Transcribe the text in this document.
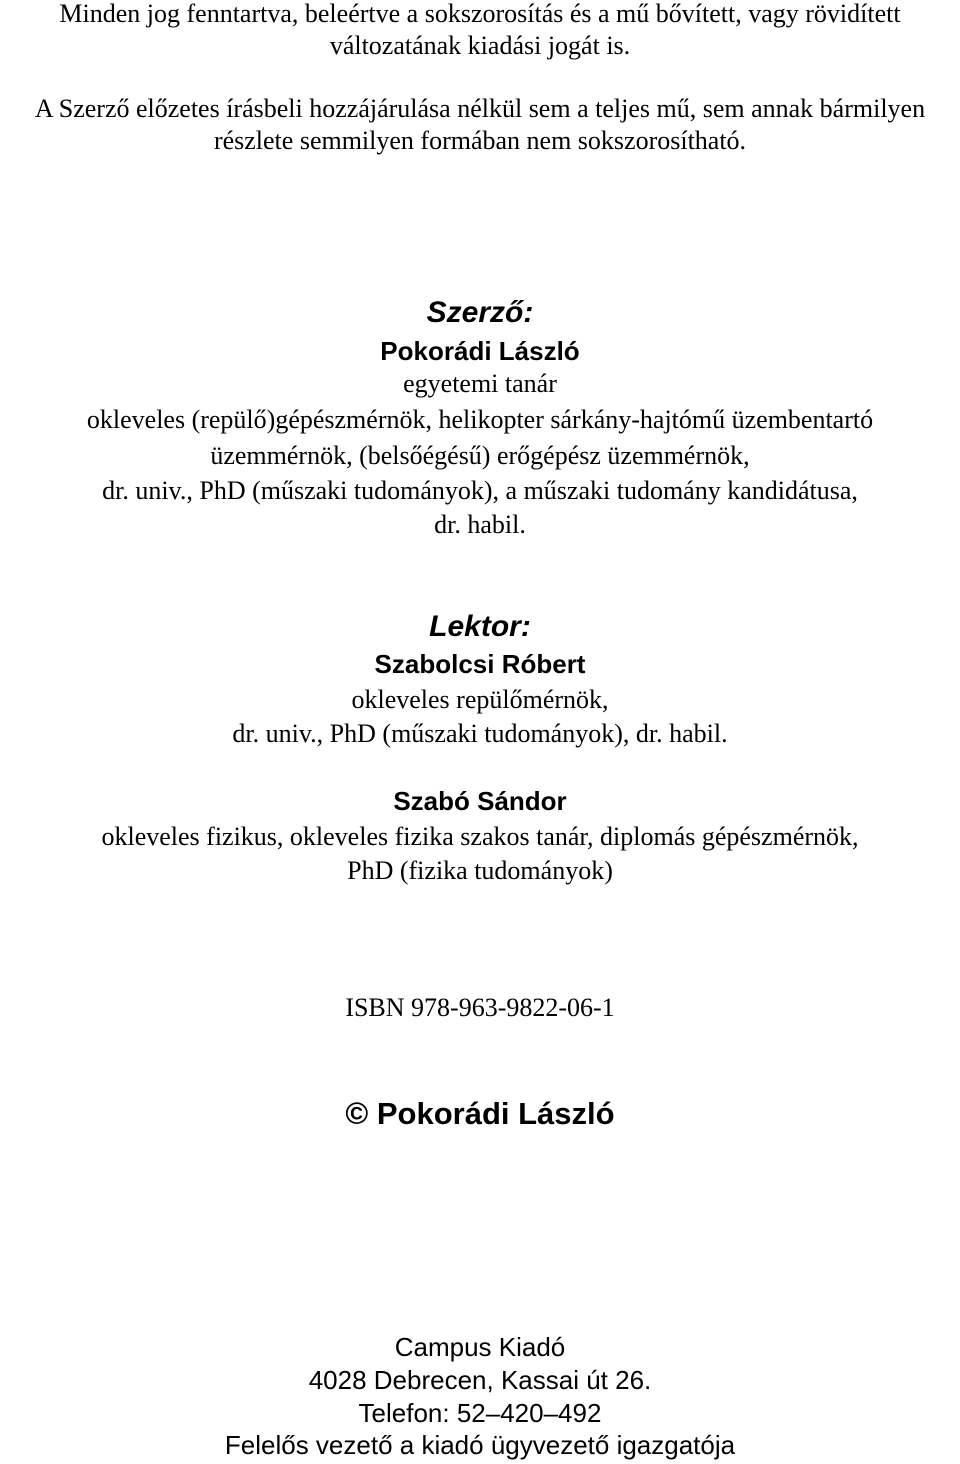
Minden jog fenntartva, beleértve a sokszorosítás és a mű bővített, vagy rövidített
változatának kiadási jogát is.
A Szerző előzetes írásbeli hozzájárulása nélkül sem a teljes mű, sem annak bármilyen
részlete semmilyen formában nem sokszorosítható.
Szerző:
Pokorádi László
egyetemi tanár
okleveles (repülő)gépészmérnök, helikopter sárkány-hajtómű üzembentartó
üzemmérnök, (belsőégésű) erőgépész üzemmérnök,
dr. univ., PhD (műszaki tudományok), a műszaki tudomány kandidátusa,
dr. habil.
Lektor:
Szabolcsi Róbert
okleveles repülőmérnök,
dr. univ., PhD (műszaki tudományok), dr. habil.
Szabó Sándor
okleveles fizikus, okleveles fizika szakos tanár, diplomás gépészmérnök,
PhD (fizika tudományok)
ISBN 978-963-9822-06-1
© Pokorádi László
Campus Kiadó
4028 Debrecen, Kassai út 26.
Telefon: 52–420–492
Felelős vezető a kiadó ügyvezető igazgatója
